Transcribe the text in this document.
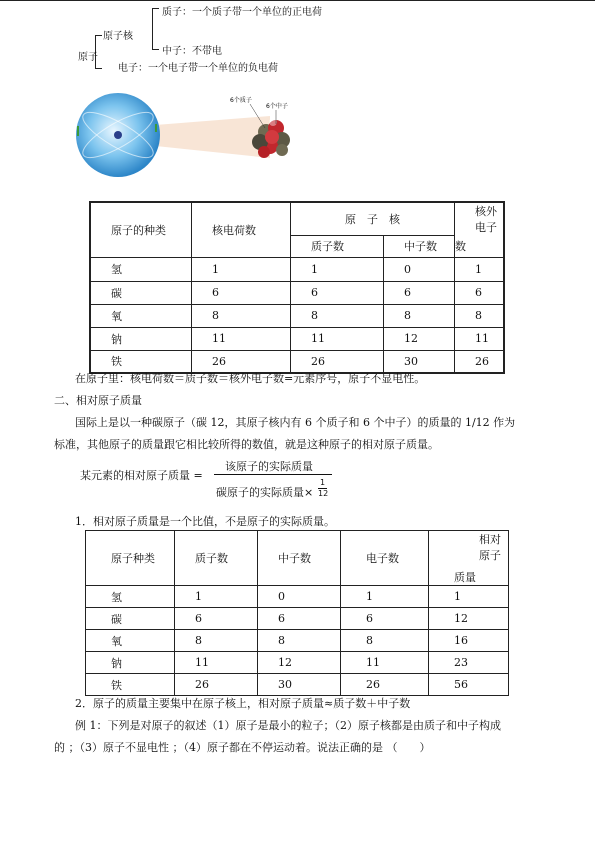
原子
原子核
质子：一个质子带一个单位的正电荷
中子：不带电
电子：一个电子带一个单位的负电荷
6个质子
6个中子
原子的种类	核电荷数	原　子　核		核外电子
		质子数	中子数	数
氢	1	1	0	1
碳	6	6	6	6
氧	8	8	8	8
钠	11	11	12	11
铁	26	26	30	26
在原子里：核电荷数＝质子数＝核外电子数=元素序号，原子不显电性。
二、相对原子质量
国际上是以一种碳原子（碳 12，其原子核内有 6 个质子和 6 个中子）的质量的 1/12 作为
标准，其他原子的质量跟它相比较所得的数值，就是这种原子的相对原子质量。
某元素的相对原子质量 =
该原子的实际质量
碳原子的实际质量×
1
12
1．相对原子质量是一个比值，不是原子的实际质量。
原子种类	质子数	中子数	电子数	相对原子
质量

氢	1	0	1	1
碳	6	6	6	12
氧	8	8	8	16
钠	11	12	11	23
铁	26	30	26	56
2．原子的质量主要集中在原子核上，相对原子质量≈质子数＋中子数
例 1：下列是对原子的叙述（1）原子是最小的粒子；（2）原子核都是由质子和中子构成
的 ；（3）原子不显电性 ；（4）原子都在不停运动着。说法正确的是 （　　）
